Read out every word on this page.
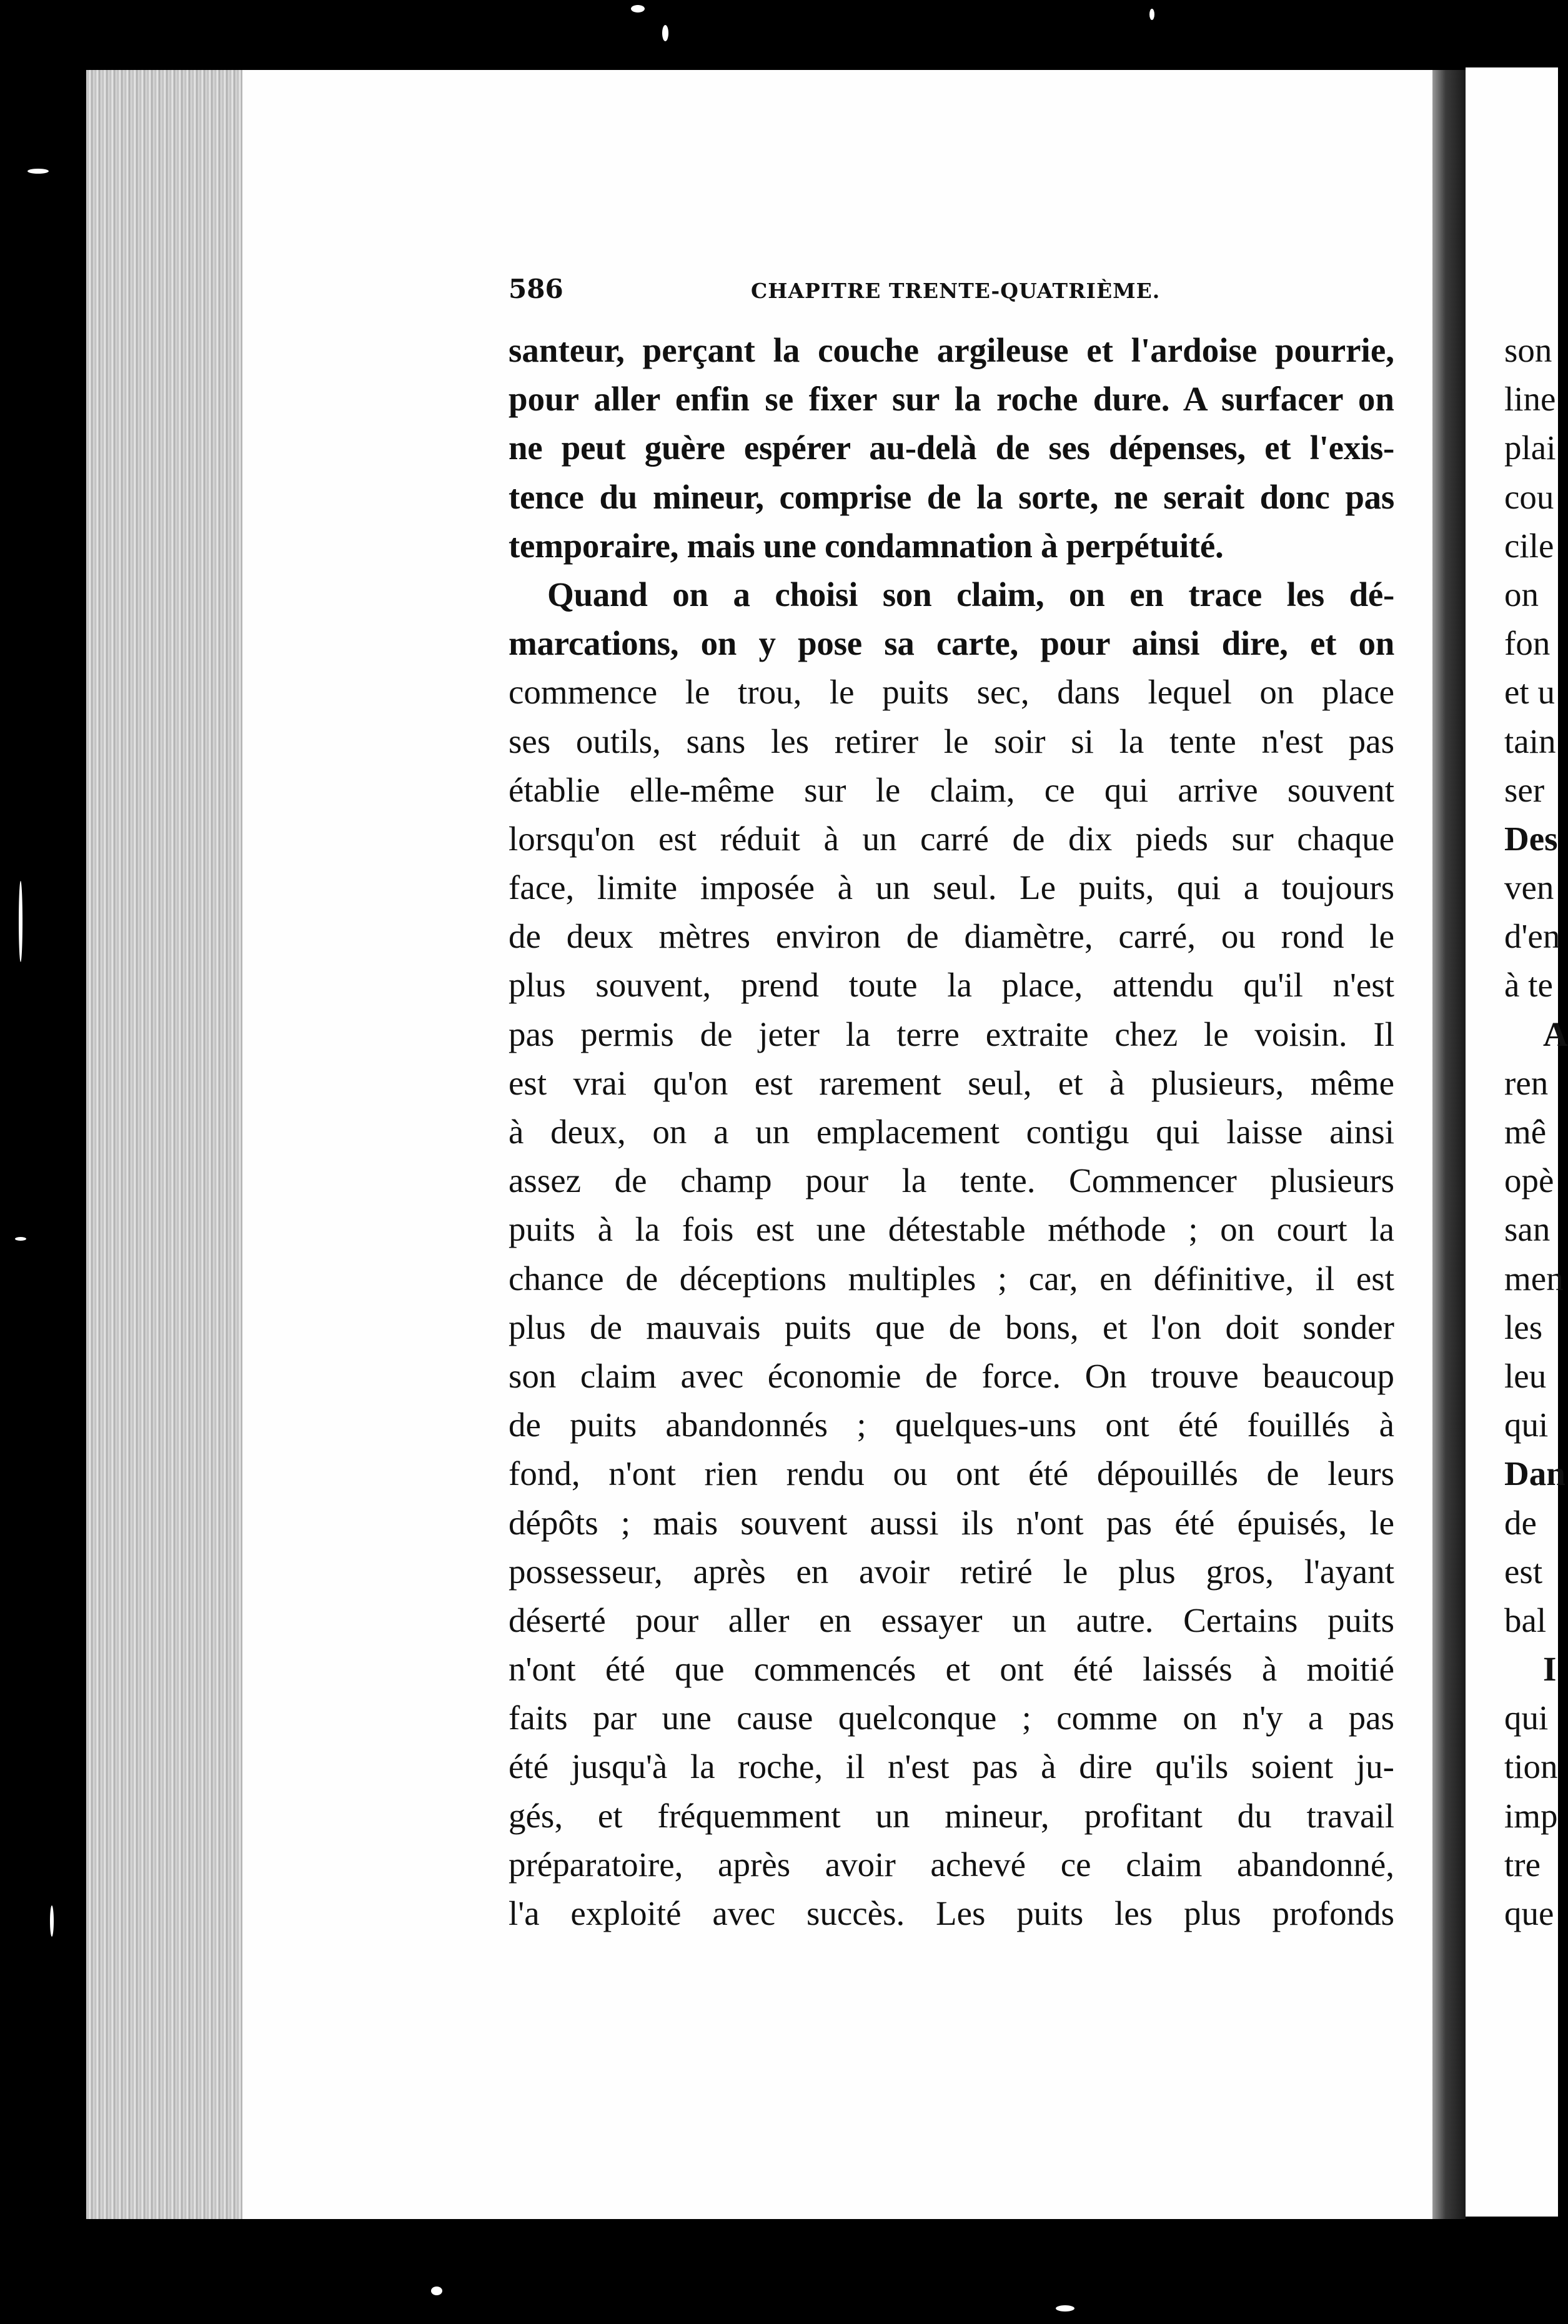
586	CHAPITRE TRENTE-QUATRIÈME.
santeur, perçant la couche argileuse et l'ardoise pourrie,
pour aller enfin se fixer sur la roche dure. A surfacer on
ne peut guère espérer au-delà de ses dépenses, et l'exis-
tence du mineur, comprise de la sorte, ne serait donc pas
temporaire, mais une condamnation à perpétuité.
Quand on a choisi son claim, on en trace les dé-
marcations, on y pose sa carte, pour ainsi dire, et on
commence le trou, le puits sec, dans lequel on place
ses outils, sans les retirer le soir si la tente n'est pas
établie elle-même sur le claim, ce qui arrive souvent
lorsqu'on est réduit à un carré de dix pieds sur chaque
face, limite imposée à un seul. Le puits, qui a toujours
de deux mètres environ de diamètre, carré, ou rond le
plus souvent, prend toute la place, attendu qu'il n'est
pas permis de jeter la terre extraite chez le voisin. Il
est vrai qu'on est rarement seul, et à plusieurs, même
à deux, on a un emplacement contigu qui laisse ainsi
assez de champ pour la tente. Commencer plusieurs
puits à la fois est une détestable méthode ; on court la
chance de déceptions multiples ; car, en définitive, il est
plus de mauvais puits que de bons, et l'on doit sonder
son claim avec économie de force. On trouve beaucoup
de puits abandonnés ; quelques-uns ont été fouillés à
fond, n'ont rien rendu ou ont été dépouillés de leurs
dépôts ; mais souvent aussi ils n'ont pas été épuisés, le
possesseur, après en avoir retiré le plus gros, l'ayant
déserté pour aller en essayer un autre. Certains puits
n'ont été que commencés et ont été laissés à moitié
faits par une cause quelconque ; comme on n'y a pas
été jusqu'à la roche, il n'est pas à dire qu'ils soient ju-
gés, et fréquemment un mineur, profitant du travail
préparatoire, après avoir achevé ce claim abandonné,
l'a exploité avec succès. Les puits les plus profonds
son
line
plai
cou
cile
on
fon
et u
tain
ser
Des
ven
d'en
à te
A
ren
mê
opè
san
men
les
leu
qui
Dan
de
est
bal
I
qui
tion
imp
tre
que
